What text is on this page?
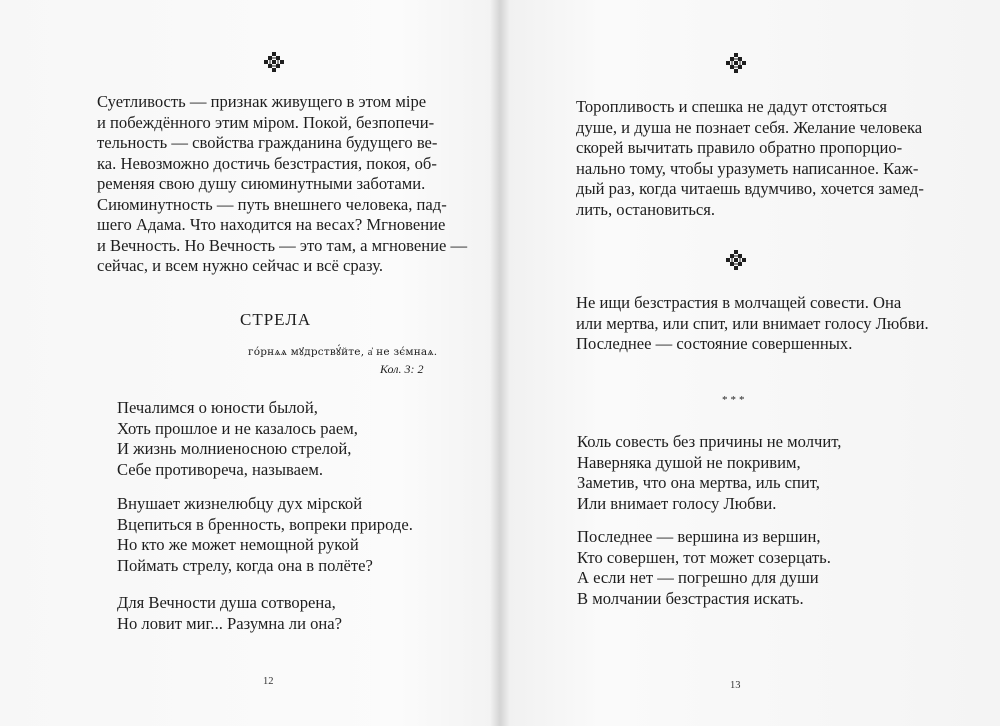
Суетливость — признак живущего в этом міре
и побеждённого этим міром. Покой, безпопечи-
тельность — свойства гражданина будущего ве-
ка. Невозможно достичь безстрастия, покоя, об-
ременяя свою душу сиюминутными заботами.
Сиюминутность — путь внешнего человека, пад-
шего Адама. Что находится на весах? Мгновение
и Вечность. Но Вечность — это там, а мгновение —
сейчас, и всем нужно сейчас и всё сразу.
СТРЕЛА
гóрнѧѧ мꙋдрствꙋ́йте, а҆ не зє́мнаѧ.
Кол. 3: 2
Печалимся о юности былой,
Хоть прошлое и не казалось раем,
И жизнь молниеносною стрелой,
Себе противореча, называем.
Внушает жизнелюбцу дух мірской
Вцепиться в бренность, вопреки природе.
Но кто же может немощной рукой
Поймать стрелу, когда она в полёте?
Для Вечности душа сотворена,
Но ловит миг... Разумна ли она?
12
Торопливость и спешка не дадут отстояться
душе, и душа не познает себя. Желание человека
скорей вычитать правило обратно пропорцио-
нально тому, чтобы уразуметь написанное. Каж-
дый раз, когда читаешь вдумчиво, хочется замед-
лить, остановиться.
Не ищи безстрастия в молчащей совести. Она
или мертва, или спит, или внимает голосу Любви.
Последнее — состояние совершенных.
***
Коль совесть без причины не молчит,
Наверняка душой не покривим,
Заметив, что она мертва, иль спит,
Или внимает голосу Любви.
Последнее — вершина из вершин,
Кто совершен, тот может созерцать.
А если нет — погрешно для души
В молчании безстрастия искать.
13
